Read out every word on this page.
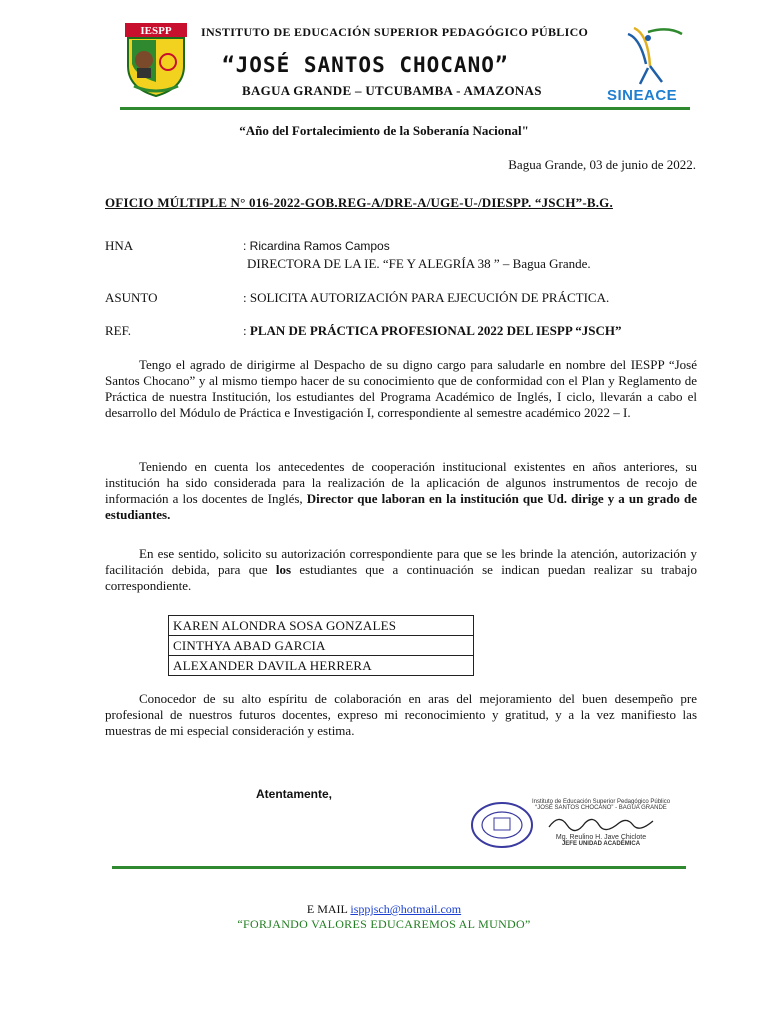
IESPP INSTITUTO DE EDUCACIÓN SUPERIOR PEDAGÓGICO PÚBLICO
“JOSÉ SANTOS CHOCANO”
BAGUA GRANDE – UTCUBAMBA - AMAZONAS	SINEACE
“Año del Fortalecimiento de la Soberanía Nacional"
Bagua Grande, 03 de junio de 2022.
OFICIO MÚLTIPLE N° 016-2022-GOB.REG-A/DRE-A/UGE-U-/DIESPP. “JSCH”-B.G.
HNA	: Ricardina Ramos Campos
DIRECTORA DE LA IE. “FE Y ALEGRÍA 38 ” – Bagua Grande.
ASUNTO	: SOLICITA AUTORIZACIÓN PARA EJECUCIÓN DE PRÁCTICA.
REF.	: PLAN DE PRÁCTICA PROFESIONAL 2022 DEL IESPP “JSCH”
Tengo el agrado de dirigirme al Despacho de su digno cargo para saludarle en nombre del IESPP “José Santos Chocano” y al mismo tiempo hacer de su conocimiento que de conformidad con el Plan y Reglamento de Práctica de nuestra Institución, los estudiantes del Programa Académico de Inglés, I ciclo, llevarán a cabo el desarrollo del Módulo de Práctica e Investigación I, correspondiente al semestre académico 2022 – I.
Teniendo en cuenta los antecedentes de cooperación institucional existentes en años anteriores, su institución ha sido considerada para la realización de la aplicación de algunos instrumentos de recojo de información a los docentes de Inglés, Director que laboran en la institución que Ud. dirige y a un grado de estudiantes.
En ese sentido, solicito su autorización correspondiente para que se les brinde la atención, autorización y facilitación debida, para que los estudiantes que a continuación se indican puedan realizar su trabajo correspondiente.
KAREN ALONDRA SOSA GONZALES
CINTHYA ABAD GARCIA
ALEXANDER DAVILA HERRERA
Conocedor de su alto espíritu de colaboración en aras del mejoramiento del buen desempeño pre profesional de nuestros futuros docentes, expreso mi reconocimiento y gratitud, y a la vez manifiesto las muestras de mi especial consideración y estima.
Atentamente,
Instituto de Educación Superior Pedagógico Público
“JOSÉ SANTOS CHOCANO” - BAGUA GRANDE
Mg. Reulino H. Jave Chiclote
JEFE UNIDAD ACADÉMICA
E MAIL isppjsch@hotmail.com
“FORJANDO VALORES EDUCAREMOS AL MUNDO”
